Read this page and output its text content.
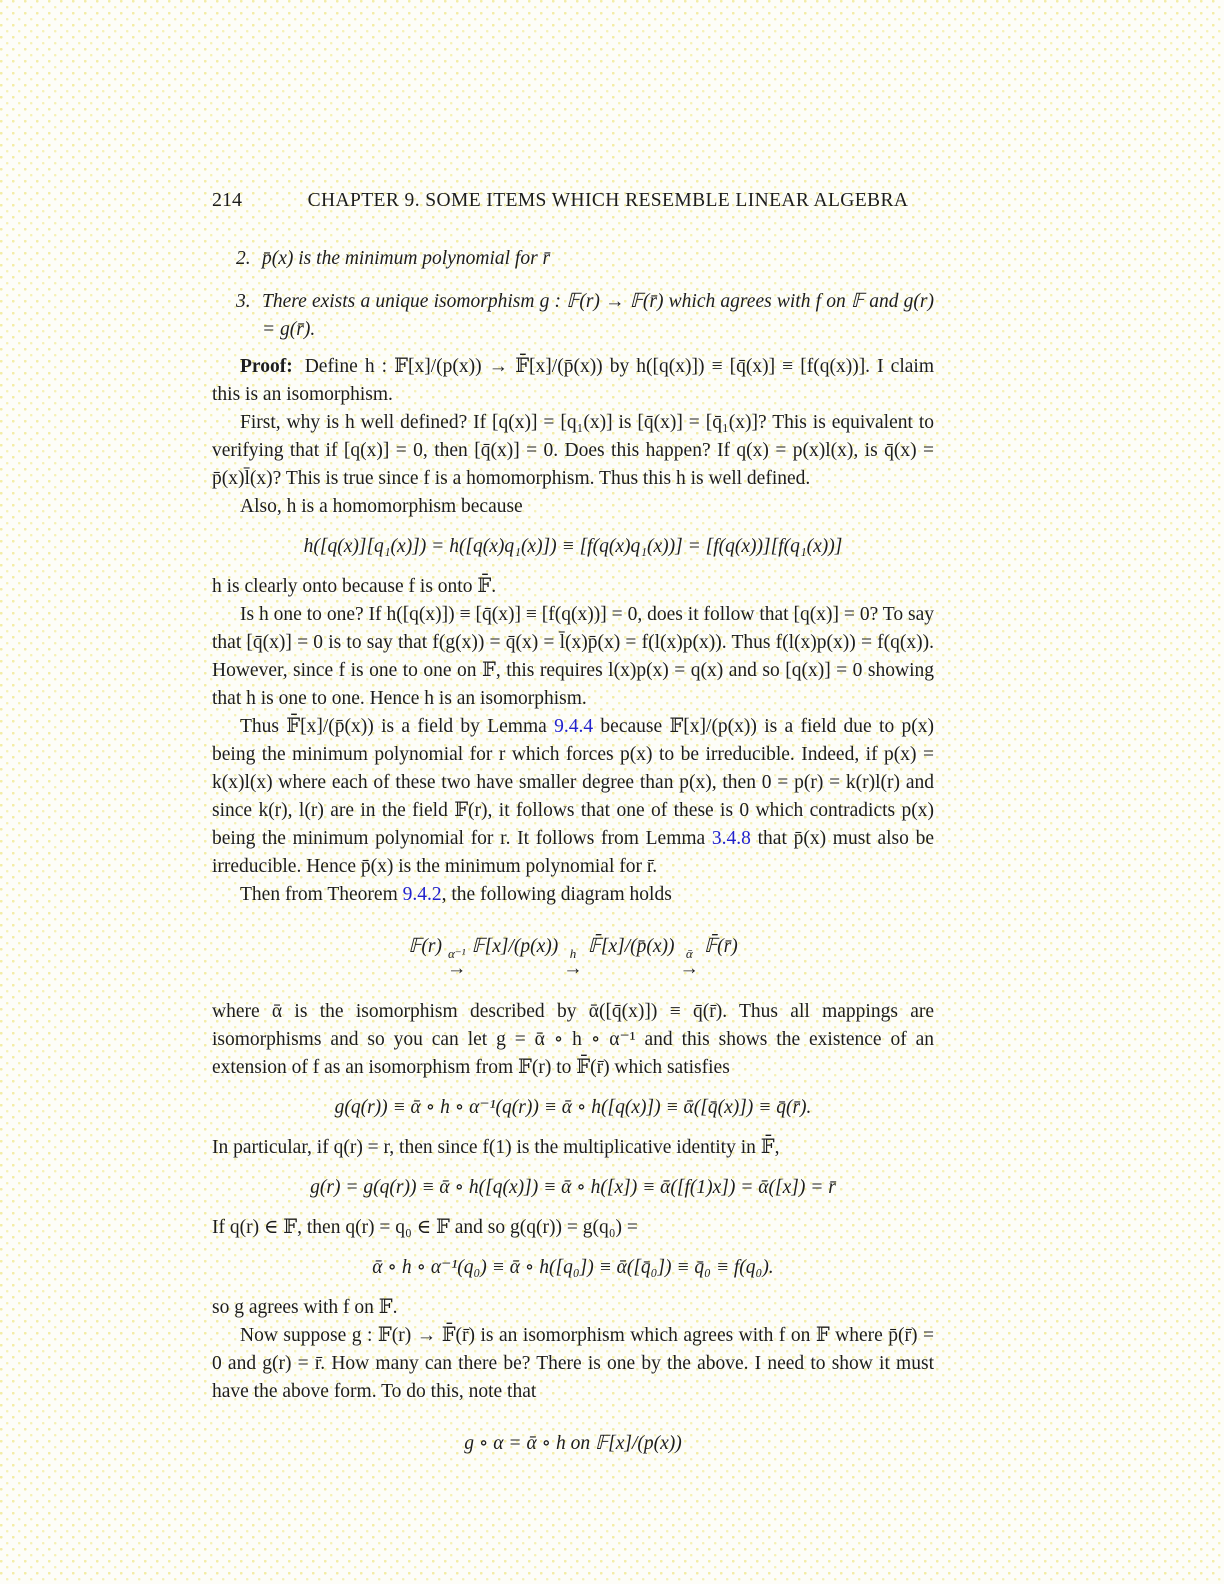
214	CHAPTER 9. SOME ITEMS WHICH RESEMBLE LINEAR ALGEBRA
2. p̄(x) is the minimum polynomial for r̄
3. There exists a unique isomorphism g : 𝔽(r) → 𝔽(r̄) which agrees with f on 𝔽 and g(r) = g(r̄).

Proof: Define h : 𝔽[x]/(p(x)) → 𝔽̄[x]/(p̄(x)) by h([q(x)]) ≡ [q̄(x)] ≡ [f(q(x))]. I claim this is an isomorphism.

First, why is h well defined? If [q(x)] = [q₁(x)] is [q̄(x)] = [q̄₁(x)]? This is equivalent to verifying that if [q(x)] = 0, then [q̄(x)] = 0. Does this happen? If q(x) = p(x)l(x), is q̄(x) = p̄(x)l̄(x)? This is true since f is a homomorphism. Thus this h is well defined.

Also, h is a homomorphism because

h([q(x)][q₁(x)]) = h([q(x)q₁(x)]) ≡ [f(q(x)q₁(x))] = [f(q(x))][f(q₁(x))]

h is clearly onto because f is onto 𝔽̄.

Is h one to one? If h([q(x)]) ≡ [q̄(x)] ≡ [f(q(x))] = 0, does it follow that [q(x)] = 0? To say that [q̄(x)] = 0 is to say that f(g(x)) = q̄(x) = l̄(x)p̄(x) = f(l(x)p(x)). Thus f(l(x)p(x)) = f(q(x)). However, since f is one to one on 𝔽, this requires l(x)p(x) = q(x) and so [q(x)] = 0 showing that h is one to one. Hence h is an isomorphism.

Thus 𝔽̄[x]/(p̄(x)) is a field by Lemma 9.4.4 because 𝔽[x]/(p(x)) is a field due to p(x) being the minimum polynomial for r which forces p(x) to be irreducible. Indeed, if p(x) = k(x)l(x) where each of these two have smaller degree than p(x), then 0 = p(r) = k(r)l(r) and since k(r), l(r) are in the field 𝔽(r), it follows that one of these is 0 which contradicts p(x) being the minimum polynomial for r. It follows from Lemma 3.4.8 that p̄(x) must also be irreducible. Hence p̄(x) is the minimum polynomial for r̄.

Then from Theorem 9.4.2, the following diagram holds

𝔽(r) α⁻¹
→
𝔽[x]/(p(x)) h
→
𝔽̄[x]/(p̄(x)) ᾱ
→
𝔽̄(r̄)

where ᾱ is the isomorphism described by ᾱ([q̄(x)]) ≡ q̄(r̄). Thus all mappings are isomorphisms and so you can let g = ᾱ ∘ h ∘ α⁻¹ and this shows the existence of an extension of f as an isomorphism from 𝔽(r) to 𝔽̄(r̄) which satisfies

g(q(r)) ≡ ᾱ ∘ h ∘ α⁻¹(q(r)) ≡ ᾱ ∘ h([q(x)]) ≡ ᾱ([q̄(x)]) ≡ q̄(r̄).

In particular, if q(r) = r, then since f(1) is the multiplicative identity in 𝔽̄,

g(r) = g(q(r)) ≡ ᾱ ∘ h([q(x)]) ≡ ᾱ ∘ h([x]) ≡ ᾱ([f(1)x]) = ᾱ([x]) = r̄

If q(r) ∈ 𝔽, then q(r) = q₀ ∈ 𝔽 and so g(q(r)) = g(q₀) =

ᾱ ∘ h ∘ α⁻¹(q₀) ≡ ᾱ ∘ h([q₀]) ≡ ᾱ([q̄₀]) ≡ q̄₀ ≡ f(q₀).

so g agrees with f on 𝔽.

Now suppose g : 𝔽(r) → 𝔽̄(r̄) is an isomorphism which agrees with f on 𝔽 where p̄(r̄) = 0 and g(r) = r̄. How many can there be? There is one by the above. I need to show it must have the above form. To do this, note that

g ∘ α = ᾱ ∘ h on 𝔽[x]/(p(x))
